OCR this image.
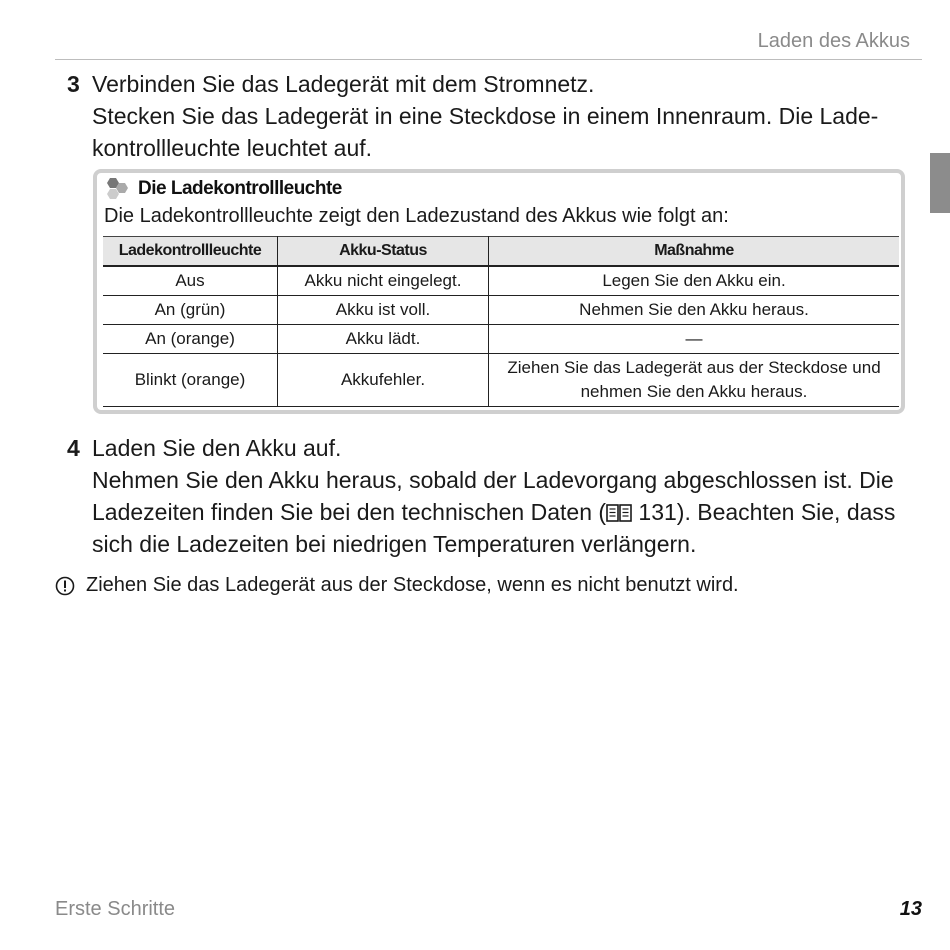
Laden des Akkus
3 Verbinden Sie das Ladegerät mit dem Stromnetz.
Stecken Sie das Ladegerät in eine Steckdose in einem Innenraum. Die Ladekontrollleuchte leuchtet auf.
Die Ladekontrollleuchte
Die Ladekontrollleuchte zeigt den Ladezustand des Akkus wie folgt an:
Ladekontrollleuchte	Akku-Status	Maßnahme
Aus	Akku nicht eingelegt.	Legen Sie den Akku ein.
An (grün)	Akku ist voll.	Nehmen Sie den Akku heraus.
An (orange)	Akku lädt.	—
Blinkt (orange)	Akkufehler.	Ziehen Sie das Ladegerät aus der Steckdose und nehmen Sie den Akku heraus.
4 Laden Sie den Akku auf.
Nehmen Sie den Akku heraus, sobald der Ladevorgang abgeschlossen ist. Die Ladezeiten finden Sie bei den technischen Daten ( 131). Beachten Sie, dass sich die Ladezeiten bei niedrigen Temperaturen verlängern.
Ziehen Sie das Ladegerät aus der Steckdose, wenn es nicht benutzt wird.
Erste Schritte	13
